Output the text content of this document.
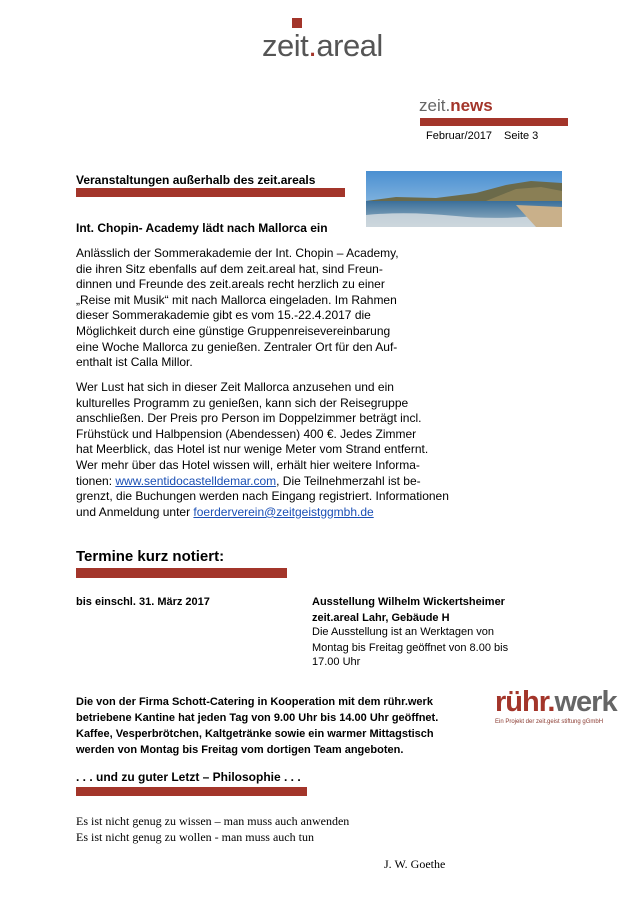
zeit.areal
zeit.news
Februar/2017 Seite 3
Veranstaltungen außerhalb des zeit.areals
Int. Chopin- Academy lädt nach Mallorca ein

Anlässlich der Sommerakademie der Int. Chopin – Academy,

die ihren Sitz ebenfalls auf dem zeit.areal hat, sind Freun-

dinnen und Freunde des zeit.areals recht herzlich zu einer

„Reise mit Musik“ mit nach Mallorca eingeladen. Im Rahmen

dieser Sommerakademie gibt es vom 15.-22.4.2017 die

Möglichkeit durch eine günstige Gruppenreisevereinbarung

eine Woche Mallorca zu genießen. Zentraler Ort für den Auf-

enthalt ist Calla Millor.

Wer Lust hat sich in dieser Zeit Mallorca anzusehen und ein

kulturelles Programm zu genießen, kann sich der Reisegruppe

anschließen. Der Preis pro Person im Doppelzimmer beträgt incl.

Frühstück und Halbpension (Abendessen) 400 €. Jedes Zimmer

hat Meerblick, das Hotel ist nur wenige Meter vom Strand entfernt.

Wer mehr über das Hotel wissen will, erhält hier weitere Informa-

tionen: www.sentidocastelldemar.com, Die Teilnehmerzahl ist be-

grenzt, die Buchungen werden nach Eingang registriert. Informationen

und Anmeldung unter foerderverein@zeitgeistggmbh.de

Termine kurz notiert:
bis einschl. 31. März 2017	Ausstellung Wilhelm Wickertsheimer
zeit.areal Lahr, Gebäude H
Die Ausstellung ist an Werktagen von
Montag bis Freitag geöffnet von 8.00 bis
17.00 Uhr
Die von der Firma Schott-Catering in Kooperation mit dem rühr.werk
betriebene Kantine hat jeden Tag von 9.00 Uhr bis 14.00 Uhr geöffnet.
Kaffee, Vesperbrötchen, Kaltgetränke sowie ein warmer Mittagstisch
werden von Montag bis Freitag vom dortigen Team angeboten.
rühr.werk
Ein Projekt der zeit.geist stiftung gGmbH
. . . und zu guter Letzt – Philosophie . . .
Es ist nicht genug zu wissen – man muss auch anwenden
Es ist nicht genug zu wollen - man muss auch tun
J. W. Goethe
